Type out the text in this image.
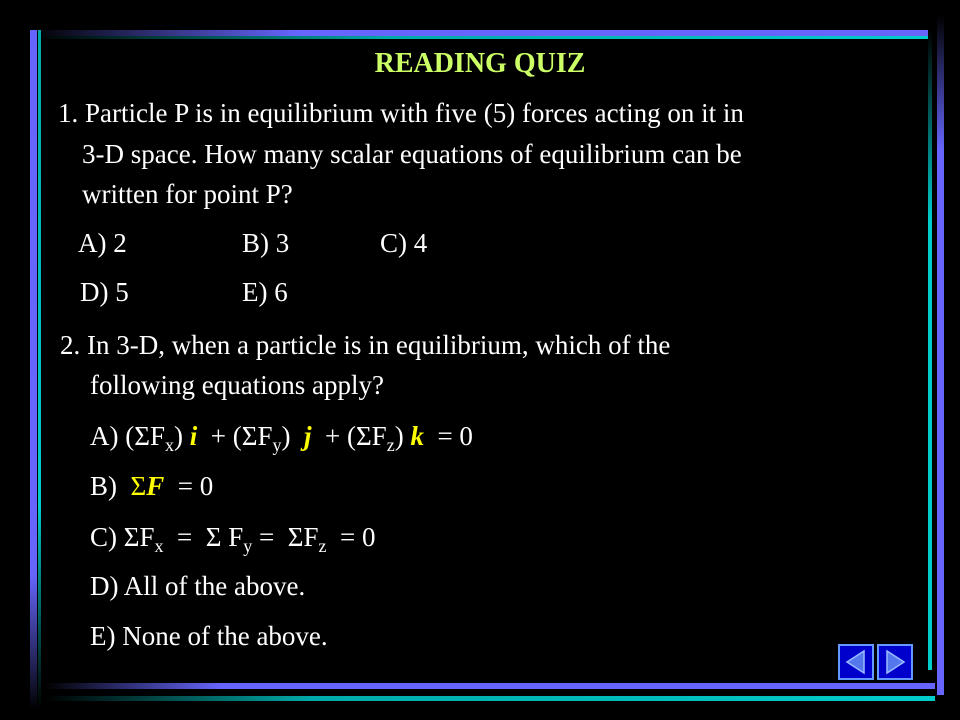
READING QUIZ
1. Particle P is in equilibrium with five (5) forces acting on it in
3-D space. How many scalar equations of equilibrium can be
written for point P?
A) 2	B) 3	C) 4
D) 5	E) 6
2. In 3-D, when a particle is in equilibrium, which of the
following equations apply?
A) $(\Sigma F_x) i + (\Sigma F_y) j + (\Sigma F_z) k = 0$
B) ΣF = 0
C) $\Sigma F_x = \Sigma$ $F_y = \Sigma F_z = 0$
D) All of the above.
E) None of the above.
